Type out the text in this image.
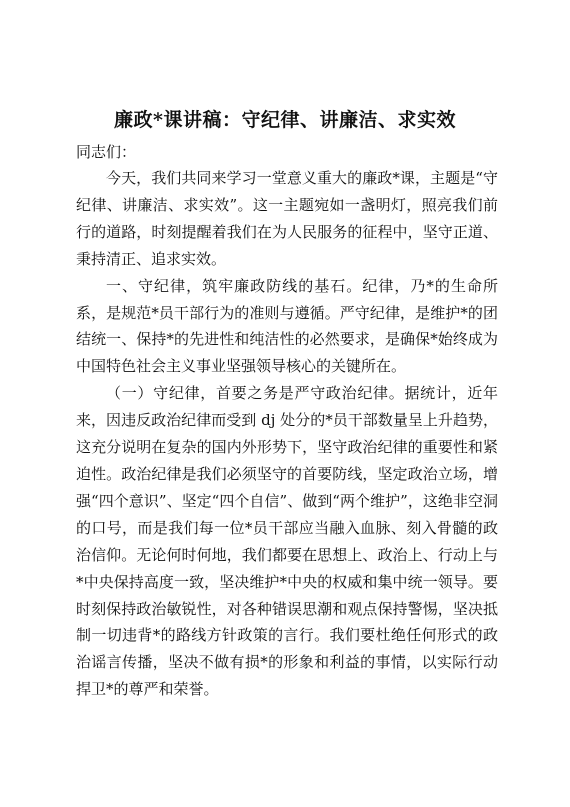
廉政*课讲稿：守纪律、讲廉洁、求实效

同志们：

今天，我们共同来学习一堂意义重大的廉政*课，主题是“守纪律、讲廉洁、求实效”。这一主题宛如一盏明灯，照亮我们前行的道路，时刻提醒着我们在为人民服务的征程中，坚守正道、秉持清正、追求实效。

一、守纪律，筑牢廉政防线的基石。纪律，乃*的生命所系，是规范*员干部行为的准则与遵循。严守纪律，是维护*的团结统一、保持*的先进性和纯洁性的必然要求，是确保*始终成为中国特色社会主义事业坚强领导核心的关键所在。

（一）守纪律，首要之务是严守政治纪律。据统计，近年来，因违反政治纪律而受到 dj 处分的*员干部数量呈上升趋势，这充分说明在复杂的国内外形势下，坚守政治纪律的重要性和紧迫性。政治纪律是我们必须坚守的首要防线，坚定政治立场，增强“四个意识”、坚定“四个自信”、做到“两个维护”，这绝非空洞的口号，而是我们每一位*员干部应当融入血脉、刻入骨髓的政治信仰。无论何时何地，我们都要在思想上、政治上、行动上与*中央保持高度一致，坚决维护*中央的权威和集中统一领导。要时刻保持政治敏锐性，对各种错误思潮和观点保持警惕，坚决抵制一切违背*的路线方针政策的言行。我们要杜绝任何形式的政治谣言传播，坚决不做有损*的形象和利益的事情，以实际行动捍卫*的尊严和荣誉。
